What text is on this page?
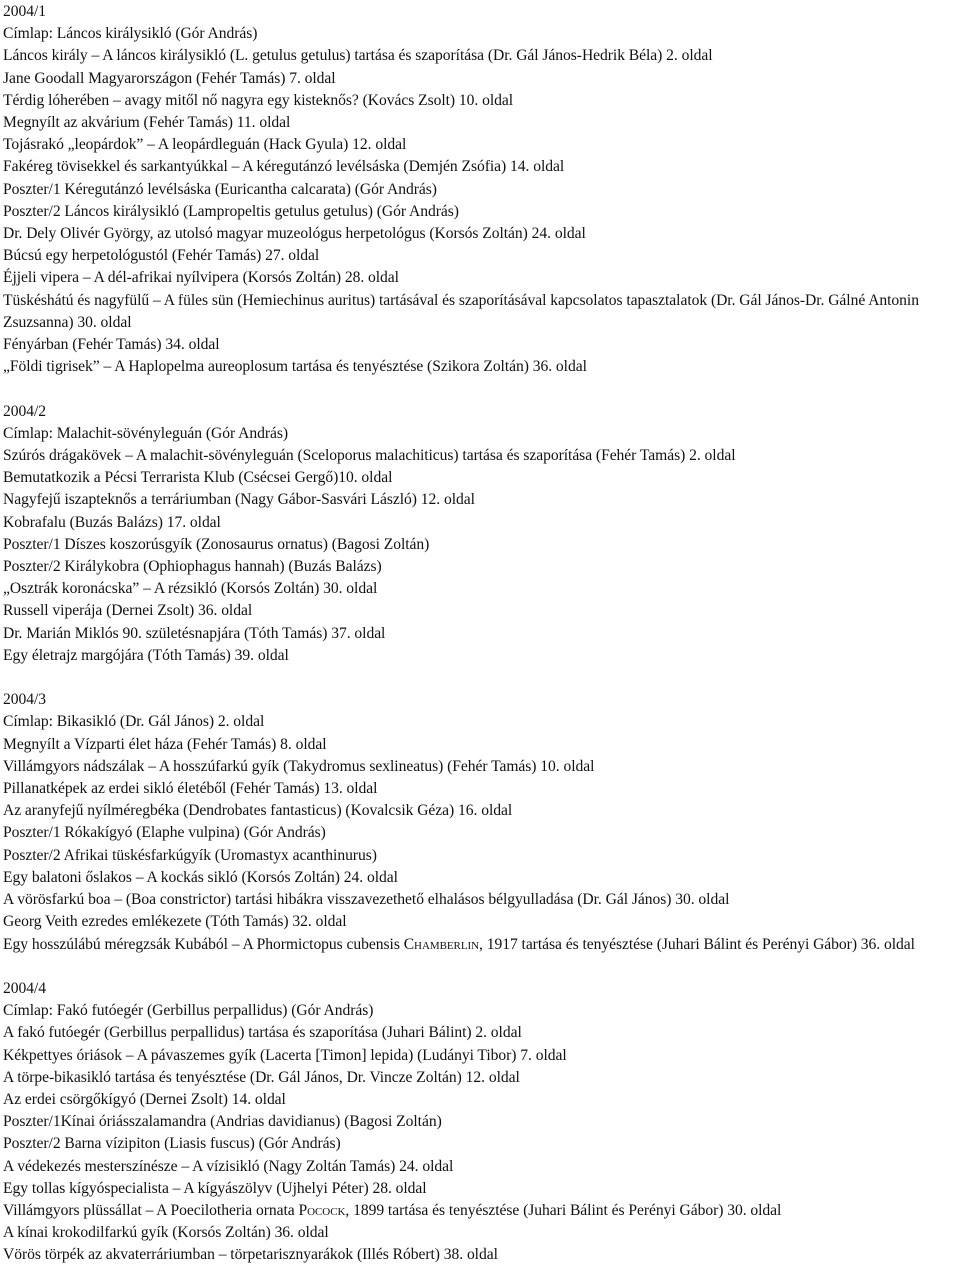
2004/1
Címlap: Láncos királysikló (Gór András)
Láncos király – A láncos királysikló (L. getulus getulus) tartása és szaporítása (Dr. Gál János-Hedrik Béla) 2. oldal
Jane Goodall Magyarországon (Fehér Tamás) 7. oldal
Térdig lóherében – avagy mitől nő nagyra egy kisteknős? (Kovács Zsolt) 10. oldal
Megnyílt az akvárium (Fehér Tamás) 11. oldal
Tojásrakó „leopárdok” – A leopárdleguán (Hack Gyula) 12. oldal
Fakéreg tövisekkel és sarkantyúkkal – A kéregutánzó levélsáska (Demjén Zsófia) 14. oldal
Poszter/1 Kéregutánzó levélsáska (Euricantha calcarata) (Gór András)
Poszter/2 Láncos királysikló (Lampropeltis getulus getulus) (Gór András)
Dr. Dely Olivér György, az utolsó magyar muzeológus herpetológus (Korsós Zoltán) 24. oldal
Búcsú egy herpetológustól (Fehér Tamás) 27. oldal
Éjjeli vipera – A dél-afrikai nyílvipera (Korsós Zoltán) 28. oldal
Tüskéshátú és nagyfülű – A füles sün (Hemiechinus auritus) tartásával és szaporításával kapcsolatos tapasztalatok (Dr. Gál János-Dr. Gálné Antonin Zsuzsanna) 30. oldal
Fényárban (Fehér Tamás) 34. oldal
„Földi tigrisek” – A Haplopelma aureoplosum tartása és tenyésztése (Szikora Zoltán) 36. oldal
2004/2
Címlap: Malachit-sövényleguán (Gór András)
Szúrós drágakövek – A malachit-sövényleguán (Sceloporus malachiticus) tartása és szaporítása (Fehér Tamás) 2. oldal
Bemutatkozik a Pécsi Terrarista Klub (Csécsei Gergő)10. oldal
Nagyfejű iszapteknős a terráriumban (Nagy Gábor-Sasvári László) 12. oldal
Kobrafalu (Buzás Balázs) 17. oldal
Poszter/1 Díszes koszorúsgyík (Zonosaurus ornatus) (Bagosi Zoltán)
Poszter/2 Királykobra (Ophiophagus hannah) (Buzás Balázs)
„Osztrák koronácska” – A rézsikló (Korsós Zoltán) 30. oldal
Russell viperája (Dernei Zsolt) 36. oldal
Dr. Marián Miklós 90. születésnapjára (Tóth Tamás) 37. oldal
Egy életrajz margójára (Tóth Tamás) 39. oldal
2004/3
Címlap: Bikasikló (Dr. Gál János) 2. oldal
Megnyílt a Vízparti élet háza (Fehér Tamás) 8. oldal
Villámgyors nádszálak – A hosszúfarkú gyík (Takydromus sexlineatus) (Fehér Tamás) 10. oldal
Pillanatképek az erdei sikló életéből (Fehér Tamás) 13. oldal
Az aranyfejű nyílméregbéka (Dendrobates fantasticus) (Kovalcsik Géza) 16. oldal
Poszter/1 Rókakígyó (Elaphe vulpina) (Gór András)
Poszter/2 Afrikai tüskésfarkúgyík (Uromastyx acanthinurus)
Egy balatoni őslakos – A kockás sikló (Korsós Zoltán) 24. oldal
A vörösfarkú boa – (Boa constrictor) tartási hibákra visszavezethető elhalásos bélgyulladása (Dr. Gál János) 30. oldal
Georg Veith ezredes emlékezete (Tóth Tamás) 32. oldal
Egy hosszúlábú méregzsák Kubából – A Phormictopus cubensis Chamberlin, 1917 tartása és tenyésztése (Juhari Bálint és Perényi Gábor) 36. oldal
2004/4
Címlap: Fakó futóegér (Gerbillus perpallidus) (Gór András)
A fakó futóegér (Gerbillus perpallidus) tartása és szaporítása (Juhari Bálint) 2. oldal
Kékpettyes óriások – A pávaszemes gyík (Lacerta [Timon] lepida) (Ludányi Tibor) 7. oldal
A törpe-bikasikló tartása és tenyésztése (Dr. Gál János, Dr. Vincze Zoltán) 12. oldal
Az erdei csörgőkígyó (Dernei Zsolt) 14. oldal
Poszter/1Kínai óriásszalamandra (Andrias davidianus) (Bagosi Zoltán)
Poszter/2 Barna vízipiton (Liasis fuscus) (Gór András)
A védekezés mesterszínésze – A vízisikló (Nagy Zoltán Tamás) 24. oldal
Egy tollas kígyóspecialista – A kígyászölyv (Ujhelyi Péter) 28. oldal
Villámgyors plüssállat – A Poecilotheria ornata Pocock, 1899 tartása és tenyésztése (Juhari Bálint és Perényi Gábor) 30. oldal
A kínai krokodilfarkú gyík (Korsós Zoltán) 36. oldal
Vörös törpék az akvaterráriumban – törpetarisznyarákok (Illés Róbert) 38. oldal
